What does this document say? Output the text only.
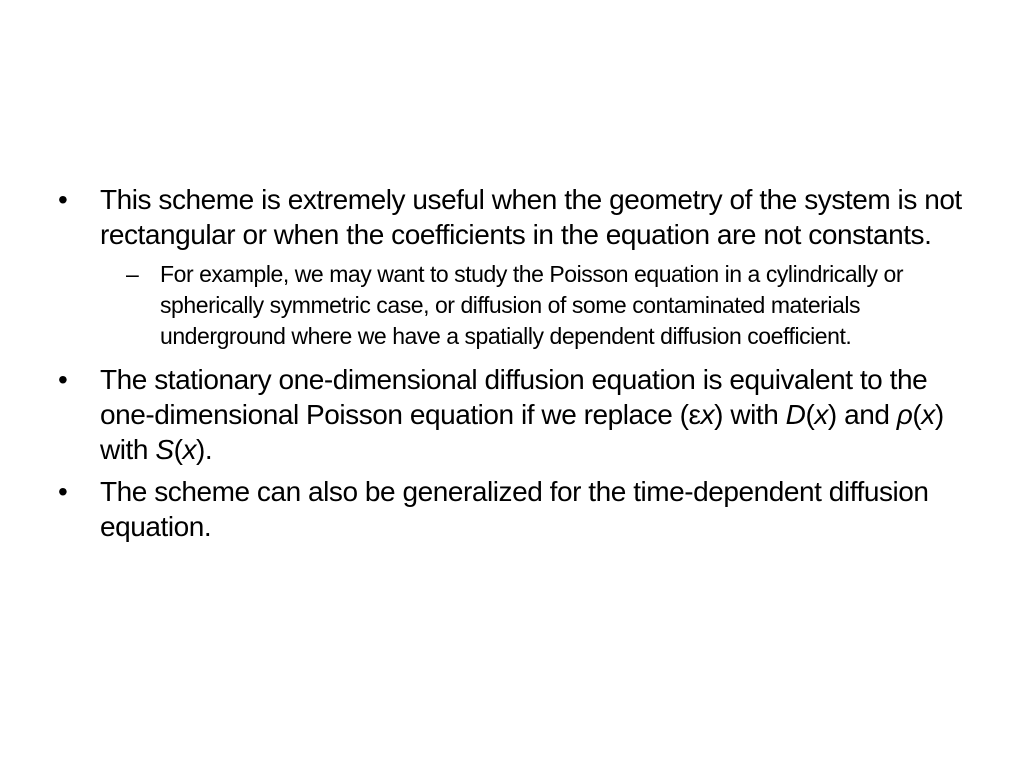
•	This scheme is extremely useful when the geometry of the system is not rectangular or when the coefficients in the equation are not constants.
– For example, we may want to study the Poisson equation in a cylindrically or spherically symmetric case, or diffusion of some contaminated materials underground where we have a spatially dependent diffusion coefficient.
•	The stationary one-dimensional diffusion equation is equivalent to the one-dimensional Poisson equation if we replace (εx) with D(x) and ρ(x) with S(x).
•	The scheme can also be generalized for the time-dependent diffusion equation.
